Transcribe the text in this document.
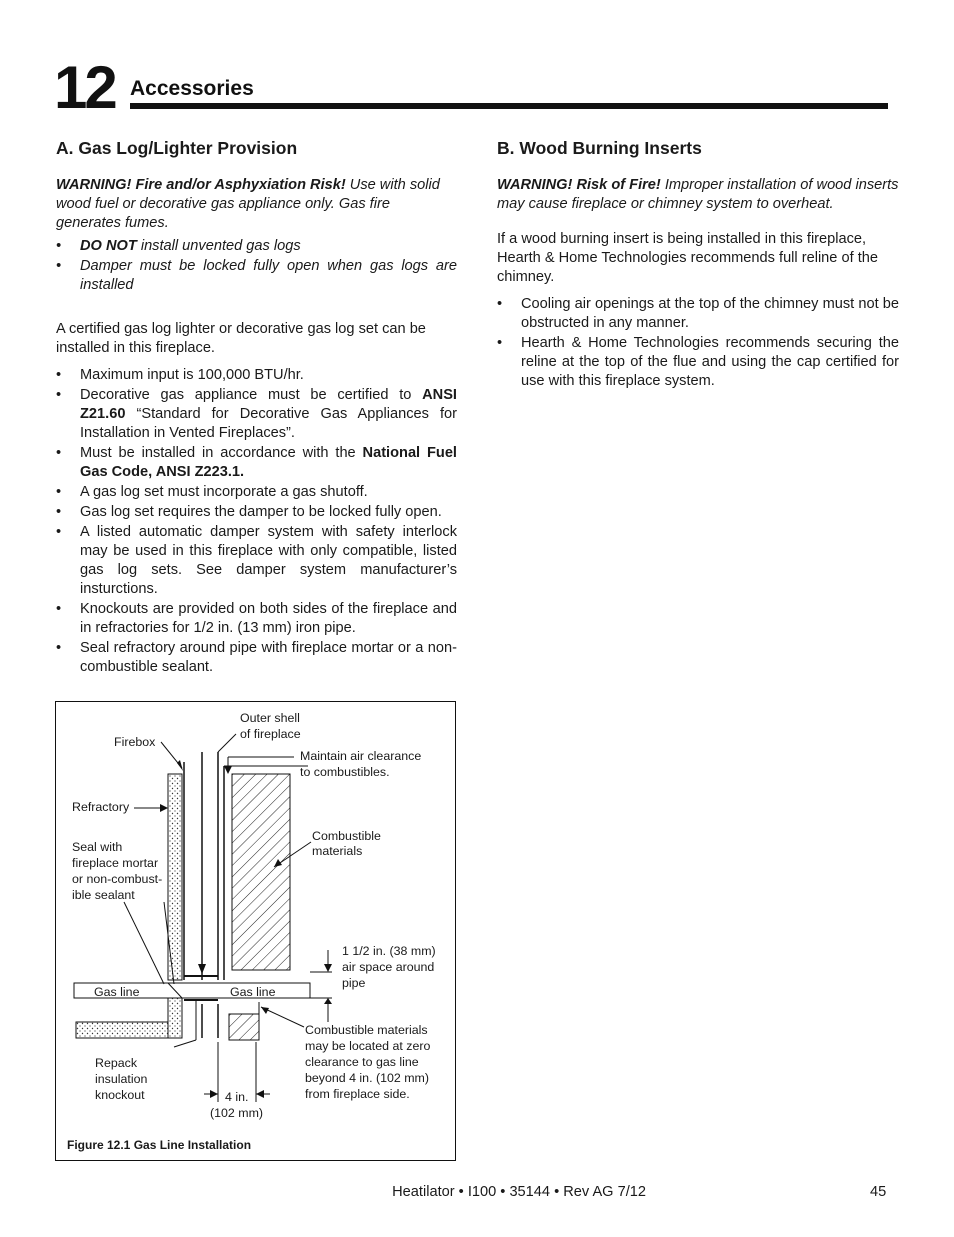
12 Accessories
A. Gas Log/Lighter Provision

WARNING! Fire and/or Asphyxiation Risk! Use with solid wood fuel or decorative gas appliance only. Gas fire generates fumes.

• DO NOT install unvented gas logs
• Damper must be locked fully open when gas logs are installed

A certified gas log lighter or decorative gas log set can be installed in this fireplace.

• Maximum input is 100,000 BTU/hr.
• Decorative gas appliance must be certified to ANSI Z21.60 “Standard for Decorative Gas Appliances for Installation in Vented Fireplaces”.
• Must be installed in accordance with the National Fuel Gas Code, ANSI Z223.1.
• A gas log set must incorporate a gas shutoff.
• Gas log set requires the damper to be locked fully open.
• A listed automatic damper system with safety interlock may be used in this fireplace with only compatible, listed gas log sets. See damper system manufacturer’s insturctions.
• Knockouts are provided on both sides of the fireplace and in refractories for 1/2 in. (13 mm) iron pipe.
• Seal refractory around pipe with fireplace mortar or a non-combustible sealant.
B. Wood Burning Inserts

WARNING! Risk of Fire! Improper installation of wood inserts may cause fireplace or chimney system to overheat.

If a wood burning insert is being installed in this fireplace, Hearth & Home Technologies recommends full reline of the chimney.

• Cooling air openings at the top of the chimney must not be obstructed in any manner.
• Hearth & Home Technologies recommends securing the reline at the top of the flue and using the cap certified for use with this fireplace system.
Outer shell
of fireplace
Firebox
Maintain air clearance
to combustibles.
Refractory
Combustible
materials
Seal with
fireplace mortar
or non-combust-
ible sealant
1 1/2 in. (38 mm)
air space around
pipe
Gas line	Gas line
Combustible materials
may be located at zero
clearance to gas line
beyond 4 in. (102 mm)
from fireplace side.
Repack
insulation
knockout	4 in.
(102 mm)
Figure 12.1 Gas Line Installation
Heatilator • I100 • 35144 • Rev AG 7/12	45
